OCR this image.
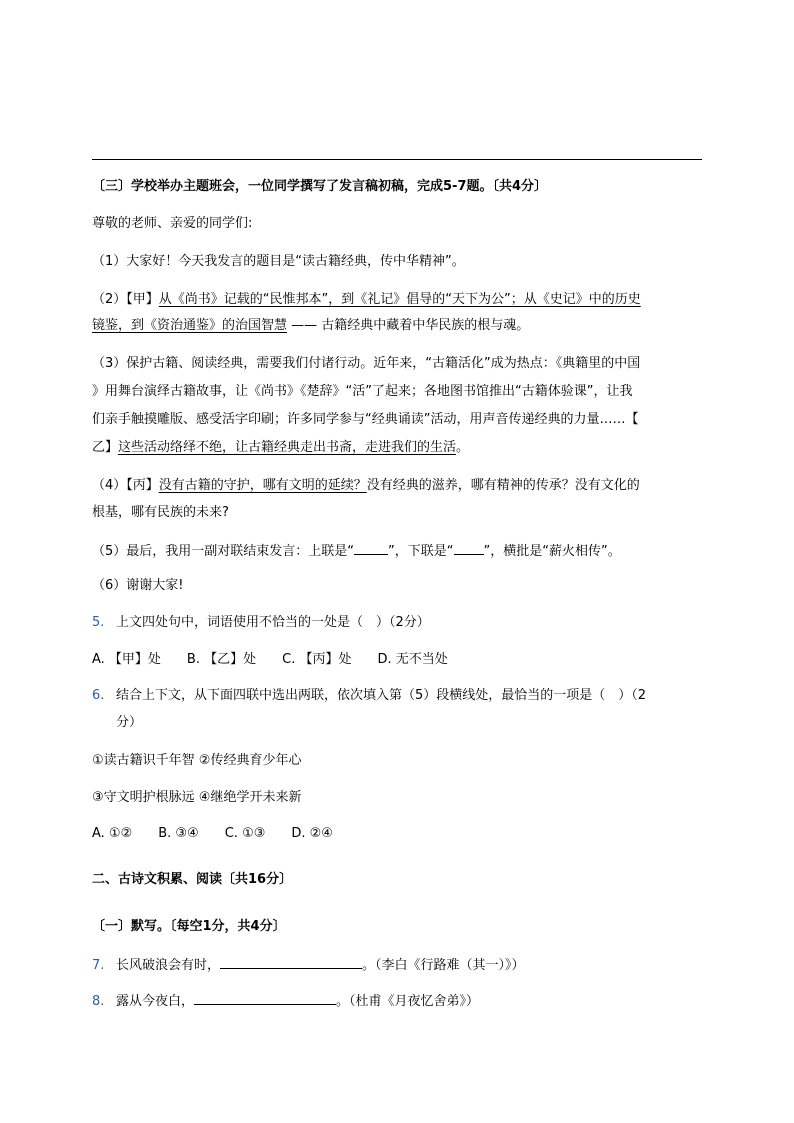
〔三〕学校举办主题班会，一位同学撰写了发言稿初稿，完成5-7题。〔共4分〕
尊敬的老师、亲爱的同学们:
（1）大家好！今天我发言的题目是“读古籍经典，传中华精神”。
（2）【甲】从《尚书》记载的“民惟邦本”，到《礼记》倡导的“天下为公”；从《史记》中的历史
镜鉴，到《资治通鉴》的治国智慧 —— 古籍经典中藏着中华民族的根与魂。
（3）保护古籍、阅读经典，需要我们付诸行动。近年来，“古籍活化”成为热点：《典籍里的中国
》用舞台演绎古籍故事，让《尚书》《楚辞》“活”了起来；各地图书馆推出“古籍体验课”，让我
们亲手触摸雕版、感受活字印刷；许多同学参与“经典诵读”活动，用声音传递经典的力量……【
乙】这些活动络绎不绝，让古籍经典走出书斋，走进我们的生活。
（4）【丙】没有古籍的守护，哪有文明的延续？没有经典的滋养，哪有精神的传承？没有文化的
根基，哪有民族的未来?
（5）最后，我用一副对联结束发言：上联是“	”，下联是“ ”，横批是“薪火相传”。
（6）谢谢大家!
5. 上文四处句中，词语使用不恰当的一处是（　）（2分）
A. 【甲】处　　B. 【乙】处　　C. 【丙】处　　D. 无不当处
6. 结合上下文，从下面四联中选出两联，依次填入第（5）段横线处，最恰当的一项是（　）（2
分）
①读古籍识千年智 ②传经典育少年心
③守文明护根脉远 ④继绝学开未来新
A. ①②　　B. ③④　　C. ①③　　D. ②④
二、古诗文积累、阅读〔共16分〕
〔一〕默写。〔每空1分，共4分〕
7. 长风破浪会有时，	。（李白《行路难（其一）》）
8. 露从今夜白，	。（杜甫《月夜忆舍弟》）
